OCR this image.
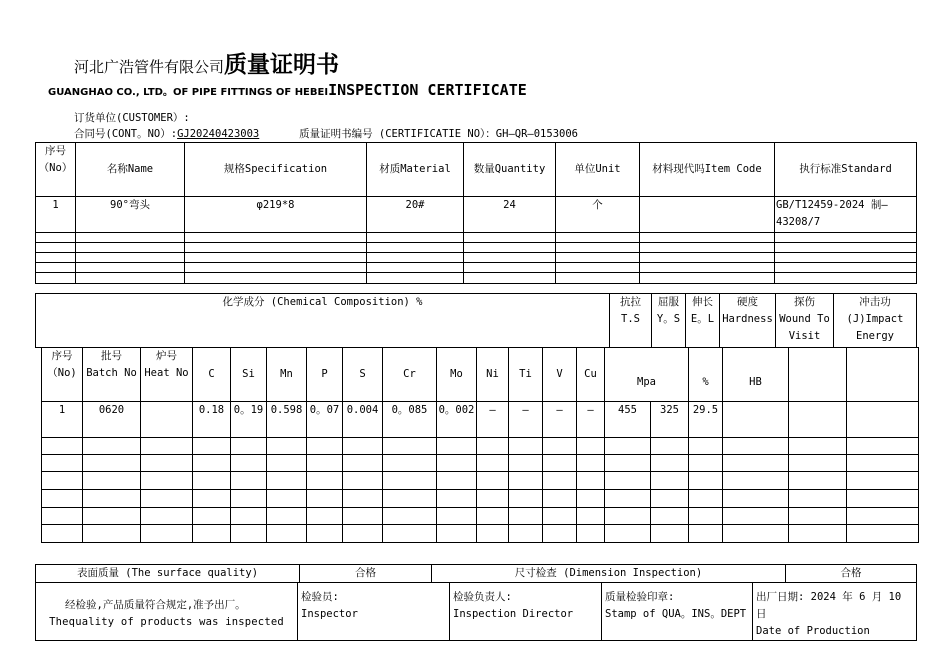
河北广浩管件有限公司质量证明书
GUANGHAO CO., LTD。OF PIPE FITTINGS OF HEBEIINSPECTION CERTIFICATE
订货单位(CUSTOMER）:
合同号(CONT。NO）:GJ20240423003	质量证明书编号 (CERTIFICATIE NO）：GH—QR—0153006
序号（No）	名称Name	规格Specification	材质Material	数量Quantity	单位Unit	材料现代吗Item Code	执行标准Standard
1	90°弯头	φ219*8	20#	24	个		GB/T12459-2024 制—43208/7

化学成分 (Chemical Composition) %	抗拉 T.S	屈服 Y。S	伸长 E。L	硬度 Hardness	探伤 Wound To Visit	冲击功 (J)Impact Energy
序号（No)	批号 Batch No	炉号 Heat No	C	Si	Mn	P	S	Cr	Mo	Ni	Ti	V	Cu	Mpa		%	HB		
1	0620		0.18	0。19	0.598	0。07	0.004	0。085	0。002	—	—	—	—	455	325	29.5			

表面质量 (The surface quality)	合格	尺寸检查 (Dimension Inspection)	合格
经检验,产品质量符合规定,准予出厂。
Thequality of products was inspected

检验员:
Inspector

检验负责人:
Inspection Director

质量检验印章:
Stamp of QUA。INS。DEPT

出厂日期: 2024 年 6 月 10 日
Date of Production
